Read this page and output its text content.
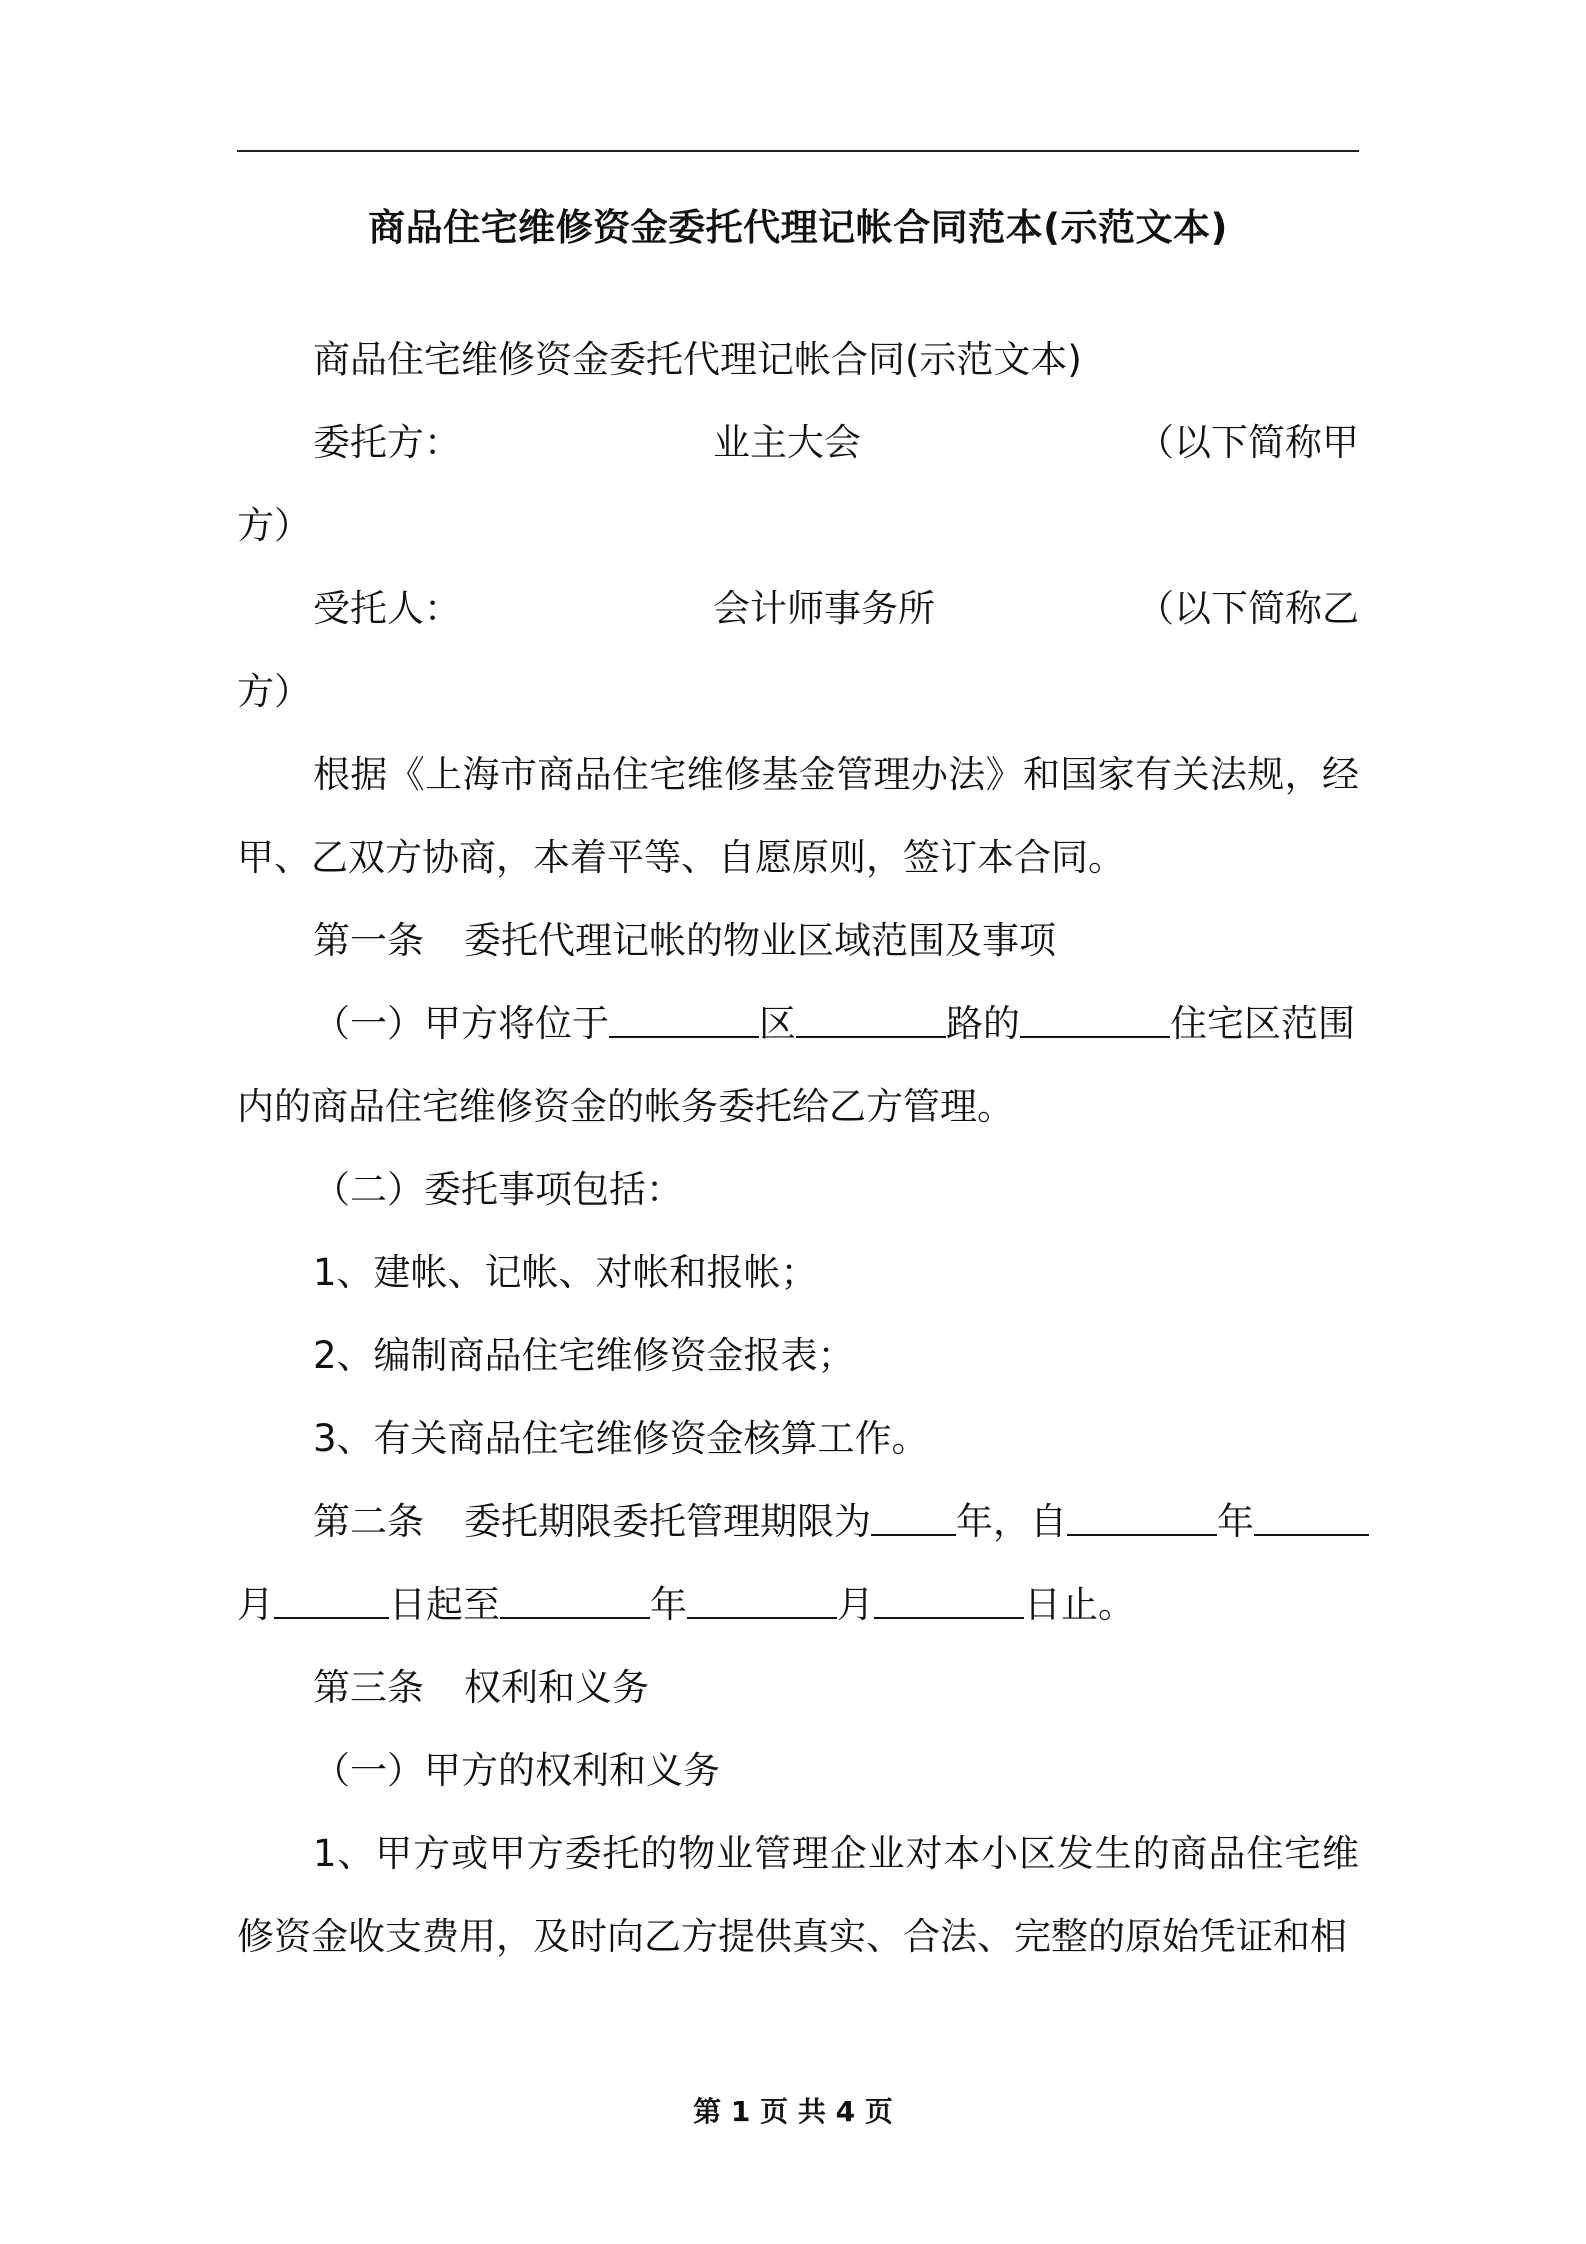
商品住宅维修资金委托代理记帐合同范本(示范文本)

商品住宅维修资金委托代理记帐合同(示范文本)

委托方：	业主大会	（以下简称甲

方）

受托人：	会计师事务所	（以下简称乙

方）

根据《上海市商品住宅维修基金管理办法》和国家有关法规，经甲、乙双方协商，本着平等、自愿原则，签订本合同。

第一条 委托代理记帐的物业区域范围及事项

（一）甲方将位于	区	路的	住宅区范围

内的商品住宅维修资金的帐务委托给乙方管理。

（二）委托事项包括：

1、建帐、记帐、对帐和报帐；

2、编制商品住宅维修资金报表；

3、有关商品住宅维修资金核算工作。

第二条 委托期限委托管理期限为 年，自	年

月	日起至	年	月	日止。

第三条 权利和义务

（一）甲方的权利和义务

1、甲方或甲方委托的物业管理企业对本小区发生的商品住宅维修资金收支费用，及时向乙方提供真实、合法、完整的原始凭证和相

第 1 页 共 4 页
